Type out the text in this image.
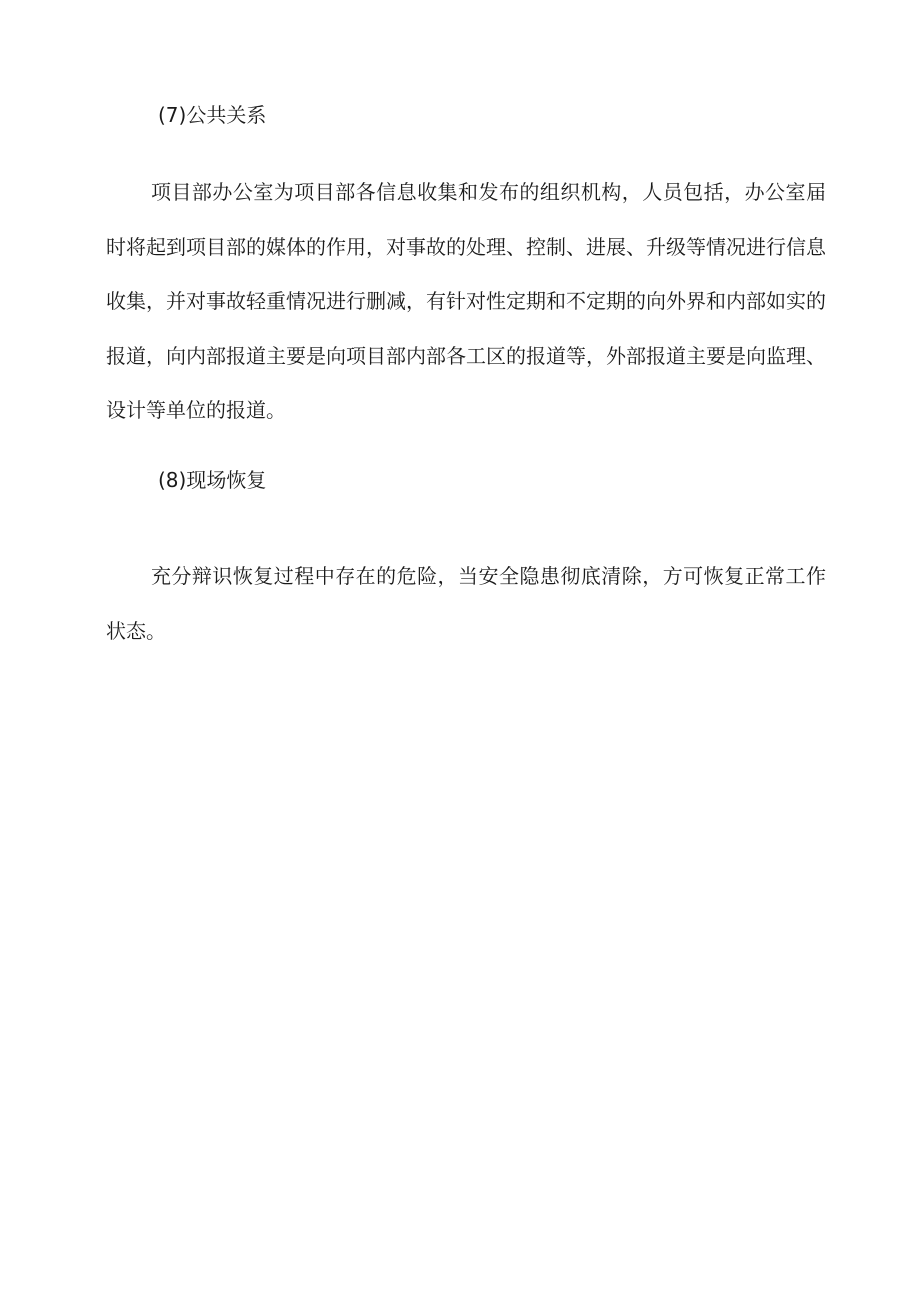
(7)公共关系

项目部办公室为项目部各信息收集和发布的组织机构，人员包括，办公室届时将起到项目部的媒体的作用，对事故的处理、控制、进展、升级等情况进行信息收集，并对事故轻重情况进行删减，有针对性定期和不定期的向外界和内部如实的报道，向内部报道主要是向项目部内部各工区的报道等，外部报道主要是向监理、设计等单位的报道。

(8)现场恢复

充分辩识恢复过程中存在的危险，当安全隐患彻底清除，方可恢复正常工作状态。
